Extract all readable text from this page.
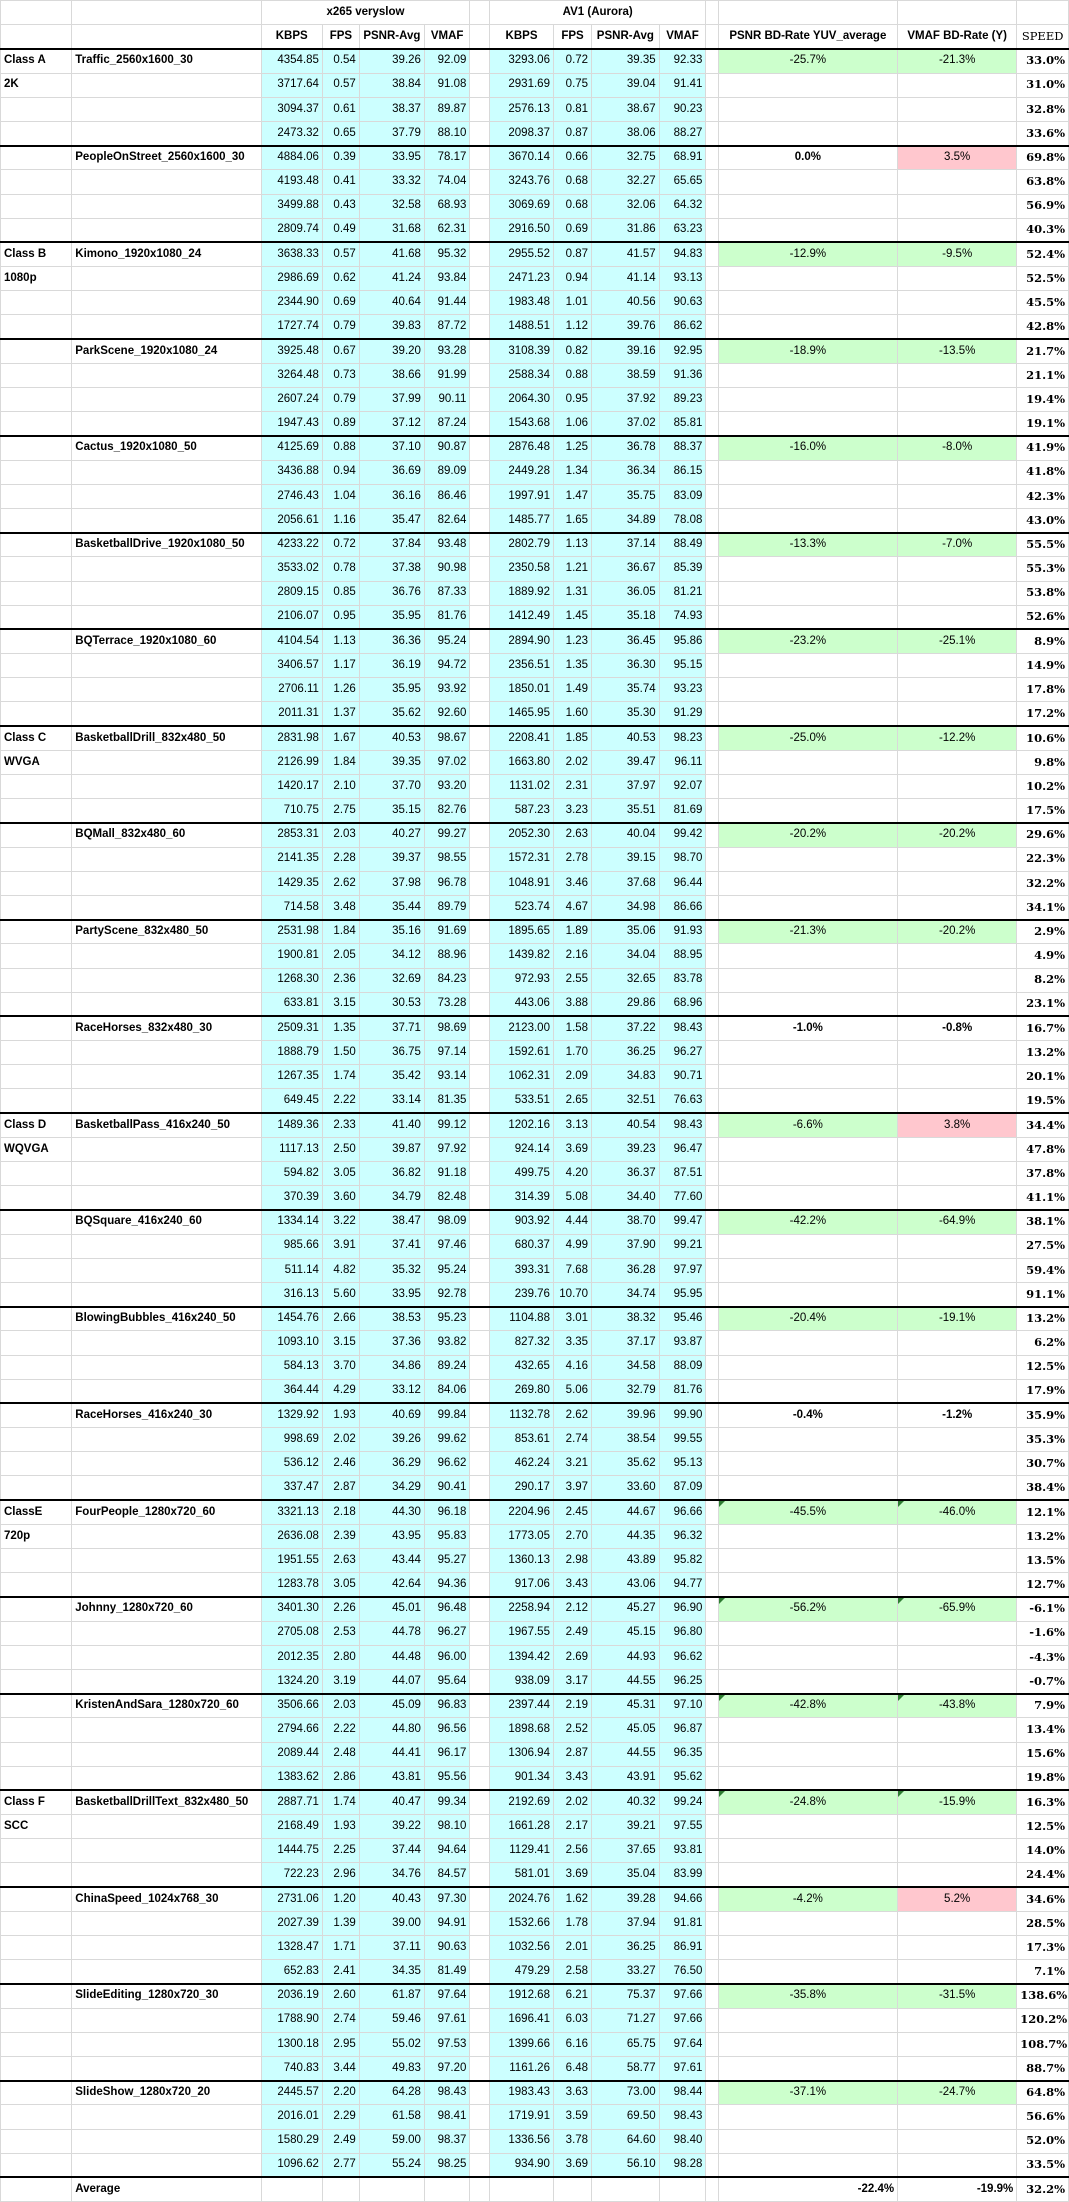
		x265 veryslow					AV1 (Aurora)							
		KBPS	FPS	PSNR-Avg	VMAF		KBPS	FPS	PSNR-Avg	VMAF		PSNR BD-Rate YUV_average	VMAF BD-Rate (Y)	SPEED
Class A	Traffic_2560x1600_30	4354.85	0.54	39.26	92.09		3293.06	0.72	39.35	92.33		-25.7%	-21.3%	33.0%
2K		3717.64	0.57	38.84	91.08		2931.69	0.75	39.04	91.41				31.0%
		3094.37	0.61	38.37	89.87		2576.13	0.81	38.67	90.23				32.8%
		2473.32	0.65	37.79	88.10		2098.37	0.87	38.06	88.27				33.6%
	PeopleOnStreet_2560x1600_30	4884.06	0.39	33.95	78.17		3670.14	0.66	32.75	68.91		0.0%	3.5%	69.8%
		4193.48	0.41	33.32	74.04		3243.76	0.68	32.27	65.65				63.8%
		3499.88	0.43	32.58	68.93		3069.69	0.68	32.06	64.32				56.9%
		2809.74	0.49	31.68	62.31		2916.50	0.69	31.86	63.23				40.3%
Class B	Kimono_1920x1080_24	3638.33	0.57	41.68	95.32		2955.52	0.87	41.57	94.83		-12.9%	-9.5%	52.4%
1080p		2986.69	0.62	41.24	93.84		2471.23	0.94	41.14	93.13				52.5%
		2344.90	0.69	40.64	91.44		1983.48	1.01	40.56	90.63				45.5%
		1727.74	0.79	39.83	87.72		1488.51	1.12	39.76	86.62				42.8%
	ParkScene_1920x1080_24	3925.48	0.67	39.20	93.28		3108.39	0.82	39.16	92.95		-18.9%	-13.5%	21.7%
		3264.48	0.73	38.66	91.99		2588.34	0.88	38.59	91.36				21.1%
		2607.24	0.79	37.99	90.11		2064.30	0.95	37.92	89.23				19.4%
		1947.43	0.89	37.12	87.24		1543.68	1.06	37.02	85.81				19.1%
	Cactus_1920x1080_50	4125.69	0.88	37.10	90.87		2876.48	1.25	36.78	88.37		-16.0%	-8.0%	41.9%
		3436.88	0.94	36.69	89.09		2449.28	1.34	36.34	86.15				41.8%
		2746.43	1.04	36.16	86.46		1997.91	1.47	35.75	83.09				42.3%
		2056.61	1.16	35.47	82.64		1485.77	1.65	34.89	78.08				43.0%
	BasketballDrive_1920x1080_50	4233.22	0.72	37.84	93.48		2802.79	1.13	37.14	88.49		-13.3%	-7.0%	55.5%
		3533.02	0.78	37.38	90.98		2350.58	1.21	36.67	85.39				55.3%
		2809.15	0.85	36.76	87.33		1889.92	1.31	36.05	81.21				53.8%
		2106.07	0.95	35.95	81.76		1412.49	1.45	35.18	74.93				52.6%
	BQTerrace_1920x1080_60	4104.54	1.13	36.36	95.24		2894.90	1.23	36.45	95.86		-23.2%	-25.1%	8.9%
		3406.57	1.17	36.19	94.72		2356.51	1.35	36.30	95.15				14.9%
		2706.11	1.26	35.95	93.92		1850.01	1.49	35.74	93.23				17.8%
		2011.31	1.37	35.62	92.60		1465.95	1.60	35.30	91.29				17.2%
Class C	BasketballDrill_832x480_50	2831.98	1.67	40.53	98.67		2208.41	1.85	40.53	98.23		-25.0%	-12.2%	10.6%
WVGA		2126.99	1.84	39.35	97.02		1663.80	2.02	39.47	96.11				9.8%
		1420.17	2.10	37.70	93.20		1131.02	2.31	37.97	92.07				10.2%
		710.75	2.75	35.15	82.76		587.23	3.23	35.51	81.69				17.5%
	BQMall_832x480_60	2853.31	2.03	40.27	99.27		2052.30	2.63	40.04	99.42		-20.2%	-20.2%	29.6%
		2141.35	2.28	39.37	98.55		1572.31	2.78	39.15	98.70				22.3%
		1429.35	2.62	37.98	96.78		1048.91	3.46	37.68	96.44				32.2%
		714.58	3.48	35.44	89.79		523.74	4.67	34.98	86.66				34.1%
	PartyScene_832x480_50	2531.98	1.84	35.16	91.69		1895.65	1.89	35.06	91.93		-21.3%	-20.2%	2.9%
		1900.81	2.05	34.12	88.96		1439.82	2.16	34.04	88.95				4.9%
		1268.30	2.36	32.69	84.23		972.93	2.55	32.65	83.78				8.2%
		633.81	3.15	30.53	73.28		443.06	3.88	29.86	68.96				23.1%
	RaceHorses_832x480_30	2509.31	1.35	37.71	98.69		2123.00	1.58	37.22	98.43		-1.0%	-0.8%	16.7%
		1888.79	1.50	36.75	97.14		1592.61	1.70	36.25	96.27				13.2%
		1267.35	1.74	35.42	93.14		1062.31	2.09	34.83	90.71				20.1%
		649.45	2.22	33.14	81.35		533.51	2.65	32.51	76.63				19.5%
Class D	BasketballPass_416x240_50	1489.36	2.33	41.40	99.12		1202.16	3.13	40.54	98.43		-6.6%	3.8%	34.4%
WQVGA		1117.13	2.50	39.87	97.92		924.14	3.69	39.23	96.47				47.8%
		594.82	3.05	36.82	91.18		499.75	4.20	36.37	87.51				37.8%
		370.39	3.60	34.79	82.48		314.39	5.08	34.40	77.60				41.1%
	BQSquare_416x240_60	1334.14	3.22	38.47	98.09		903.92	4.44	38.70	99.47		-42.2%	-64.9%	38.1%
		985.66	3.91	37.41	97.46		680.37	4.99	37.90	99.21				27.5%
		511.14	4.82	35.32	95.24		393.31	7.68	36.28	97.97				59.4%
		316.13	5.60	33.95	92.78		239.76	10.70	34.74	95.95				91.1%
	BlowingBubbles_416x240_50	1454.76	2.66	38.53	95.23		1104.88	3.01	38.32	95.46		-20.4%	-19.1%	13.2%
		1093.10	3.15	37.36	93.82		827.32	3.35	37.17	93.87				6.2%
		584.13	3.70	34.86	89.24		432.65	4.16	34.58	88.09				12.5%
		364.44	4.29	33.12	84.06		269.80	5.06	32.79	81.76				17.9%
	RaceHorses_416x240_30	1329.92	1.93	40.69	99.84		1132.78	2.62	39.96	99.90		-0.4%	-1.2%	35.9%
		998.69	2.02	39.26	99.62		853.61	2.74	38.54	99.55				35.3%
		536.12	2.46	36.29	96.62		462.24	3.21	35.62	95.13				30.7%
		337.47	2.87	34.29	90.41		290.17	3.97	33.60	87.09				38.4%
ClassE	FourPeople_1280x720_60	3321.13	2.18	44.30	96.18		2204.96	2.45	44.67	96.66		-45.5%	-46.0%	12.1%
720p		2636.08	2.39	43.95	95.83		1773.05	2.70	44.35	96.32				13.2%
		1951.55	2.63	43.44	95.27		1360.13	2.98	43.89	95.82				13.5%
		1283.78	3.05	42.64	94.36		917.06	3.43	43.06	94.77				12.7%
	Johnny_1280x720_60	3401.30	2.26	45.01	96.48		2258.94	2.12	45.27	96.90		-56.2%	-65.9%	-6.1%
		2705.08	2.53	44.78	96.27		1967.55	2.49	45.15	96.80				-1.6%
		2012.35	2.80	44.48	96.00		1394.42	2.69	44.93	96.62				-4.3%
		1324.20	3.19	44.07	95.64		938.09	3.17	44.55	96.25				-0.7%
	KristenAndSara_1280x720_60	3506.66	2.03	45.09	96.83		2397.44	2.19	45.31	97.10		-42.8%	-43.8%	7.9%
		2794.66	2.22	44.80	96.56		1898.68	2.52	45.05	96.87				13.4%
		2089.44	2.48	44.41	96.17		1306.94	2.87	44.55	96.35				15.6%
		1383.62	2.86	43.81	95.56		901.34	3.43	43.91	95.62				19.8%
Class F	BasketballDrillText_832x480_50	2887.71	1.74	40.47	99.34		2192.69	2.02	40.32	99.24		-24.8%	-15.9%	16.3%
SCC		2168.49	1.93	39.22	98.10		1661.28	2.17	39.21	97.55				12.5%
		1444.75	2.25	37.44	94.64		1129.41	2.56	37.65	93.81				14.0%
		722.23	2.96	34.76	84.57		581.01	3.69	35.04	83.99				24.4%
	ChinaSpeed_1024x768_30	2731.06	1.20	40.43	97.30		2024.76	1.62	39.28	94.66		-4.2%	5.2%	34.6%
		2027.39	1.39	39.00	94.91		1532.66	1.78	37.94	91.81				28.5%
		1328.47	1.71	37.11	90.63		1032.56	2.01	36.25	86.91				17.3%
		652.83	2.41	34.35	81.49		479.29	2.58	33.27	76.50				7.1%
	SlideEditing_1280x720_30	2036.19	2.60	61.87	97.64		1912.68	6.21	75.37	97.66		-35.8%	-31.5%	138.6%
		1788.90	2.74	59.46	97.61		1696.41	6.03	71.27	97.66				120.2%
		1300.18	2.95	55.02	97.53		1399.66	6.16	65.75	97.64				108.7%
		740.83	3.44	49.83	97.20		1161.26	6.48	58.77	97.61				88.7%
	SlideShow_1280x720_20	2445.57	2.20	64.28	98.43		1983.43	3.63	73.00	98.44		-37.1%	-24.7%	64.8%
		2016.01	2.29	61.58	98.41		1719.91	3.59	69.50	98.43				56.6%
		1580.29	2.49	59.00	98.37		1336.56	3.78	64.60	98.40				52.0%
		1096.62	2.77	55.24	98.25		934.90	3.69	56.10	98.28				33.5%
	Average											-22.4%	-19.9%	32.2%
